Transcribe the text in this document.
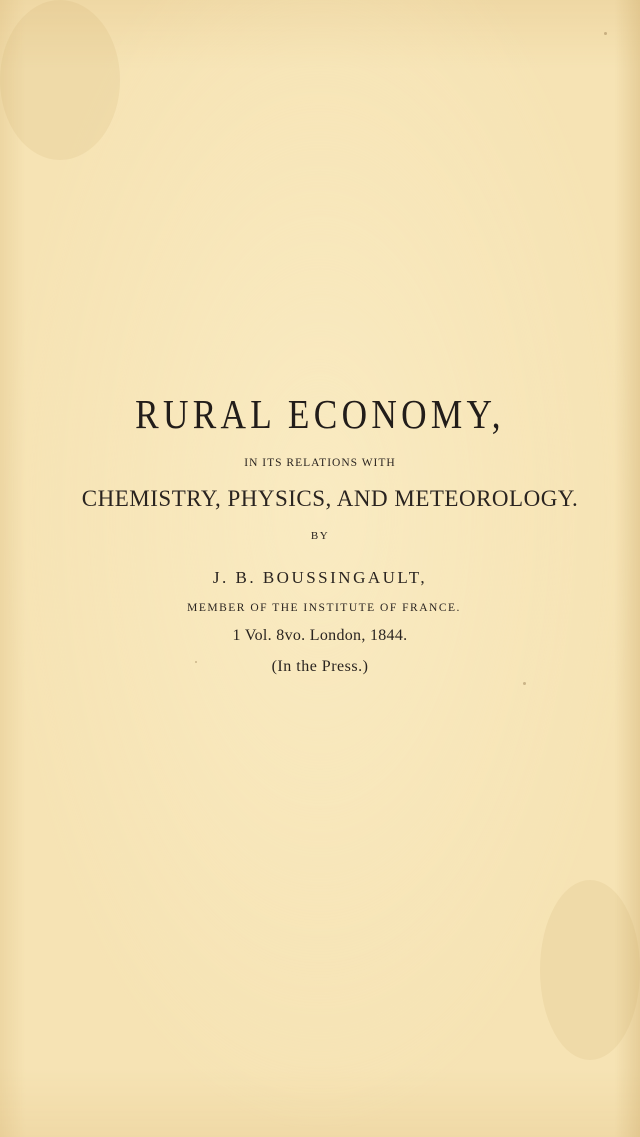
RURAL ECONOMY,
IN ITS RELATIONS WITH
CHEMISTRY, PHYSICS, AND METEOROLOGY.
BY
J. B. BOUSSINGAULT,
MEMBER OF THE INSTITUTE OF FRANCE.
1 Vol. 8vo. London, 1844.
(In the Press.)
